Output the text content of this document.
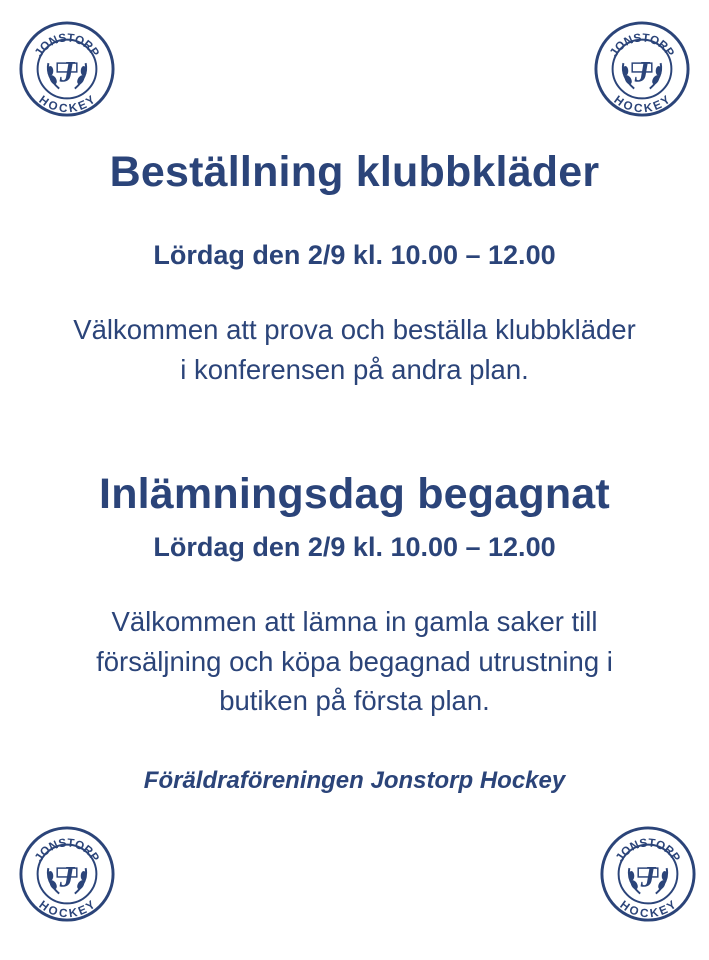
JONSTORP
HOCKEY
J
JONSTORP
HOCKEY
J
JONSTORP
HOCKEY
J
JONSTORP
HOCKEY
J
Beställning klubbkläder
Lördag den 2/9 kl. 10.00 – 12.00
Välkommen att prova och beställa klubbkläder
i konferensen på andra plan.
Inlämningsdag begagnat
Lördag den 2/9 kl. 10.00 – 12.00
Välkommen att lämna in gamla saker till
försäljning och köpa begagnad utrustning i
butiken på första plan.
Föräldraföreningen Jonstorp Hockey
